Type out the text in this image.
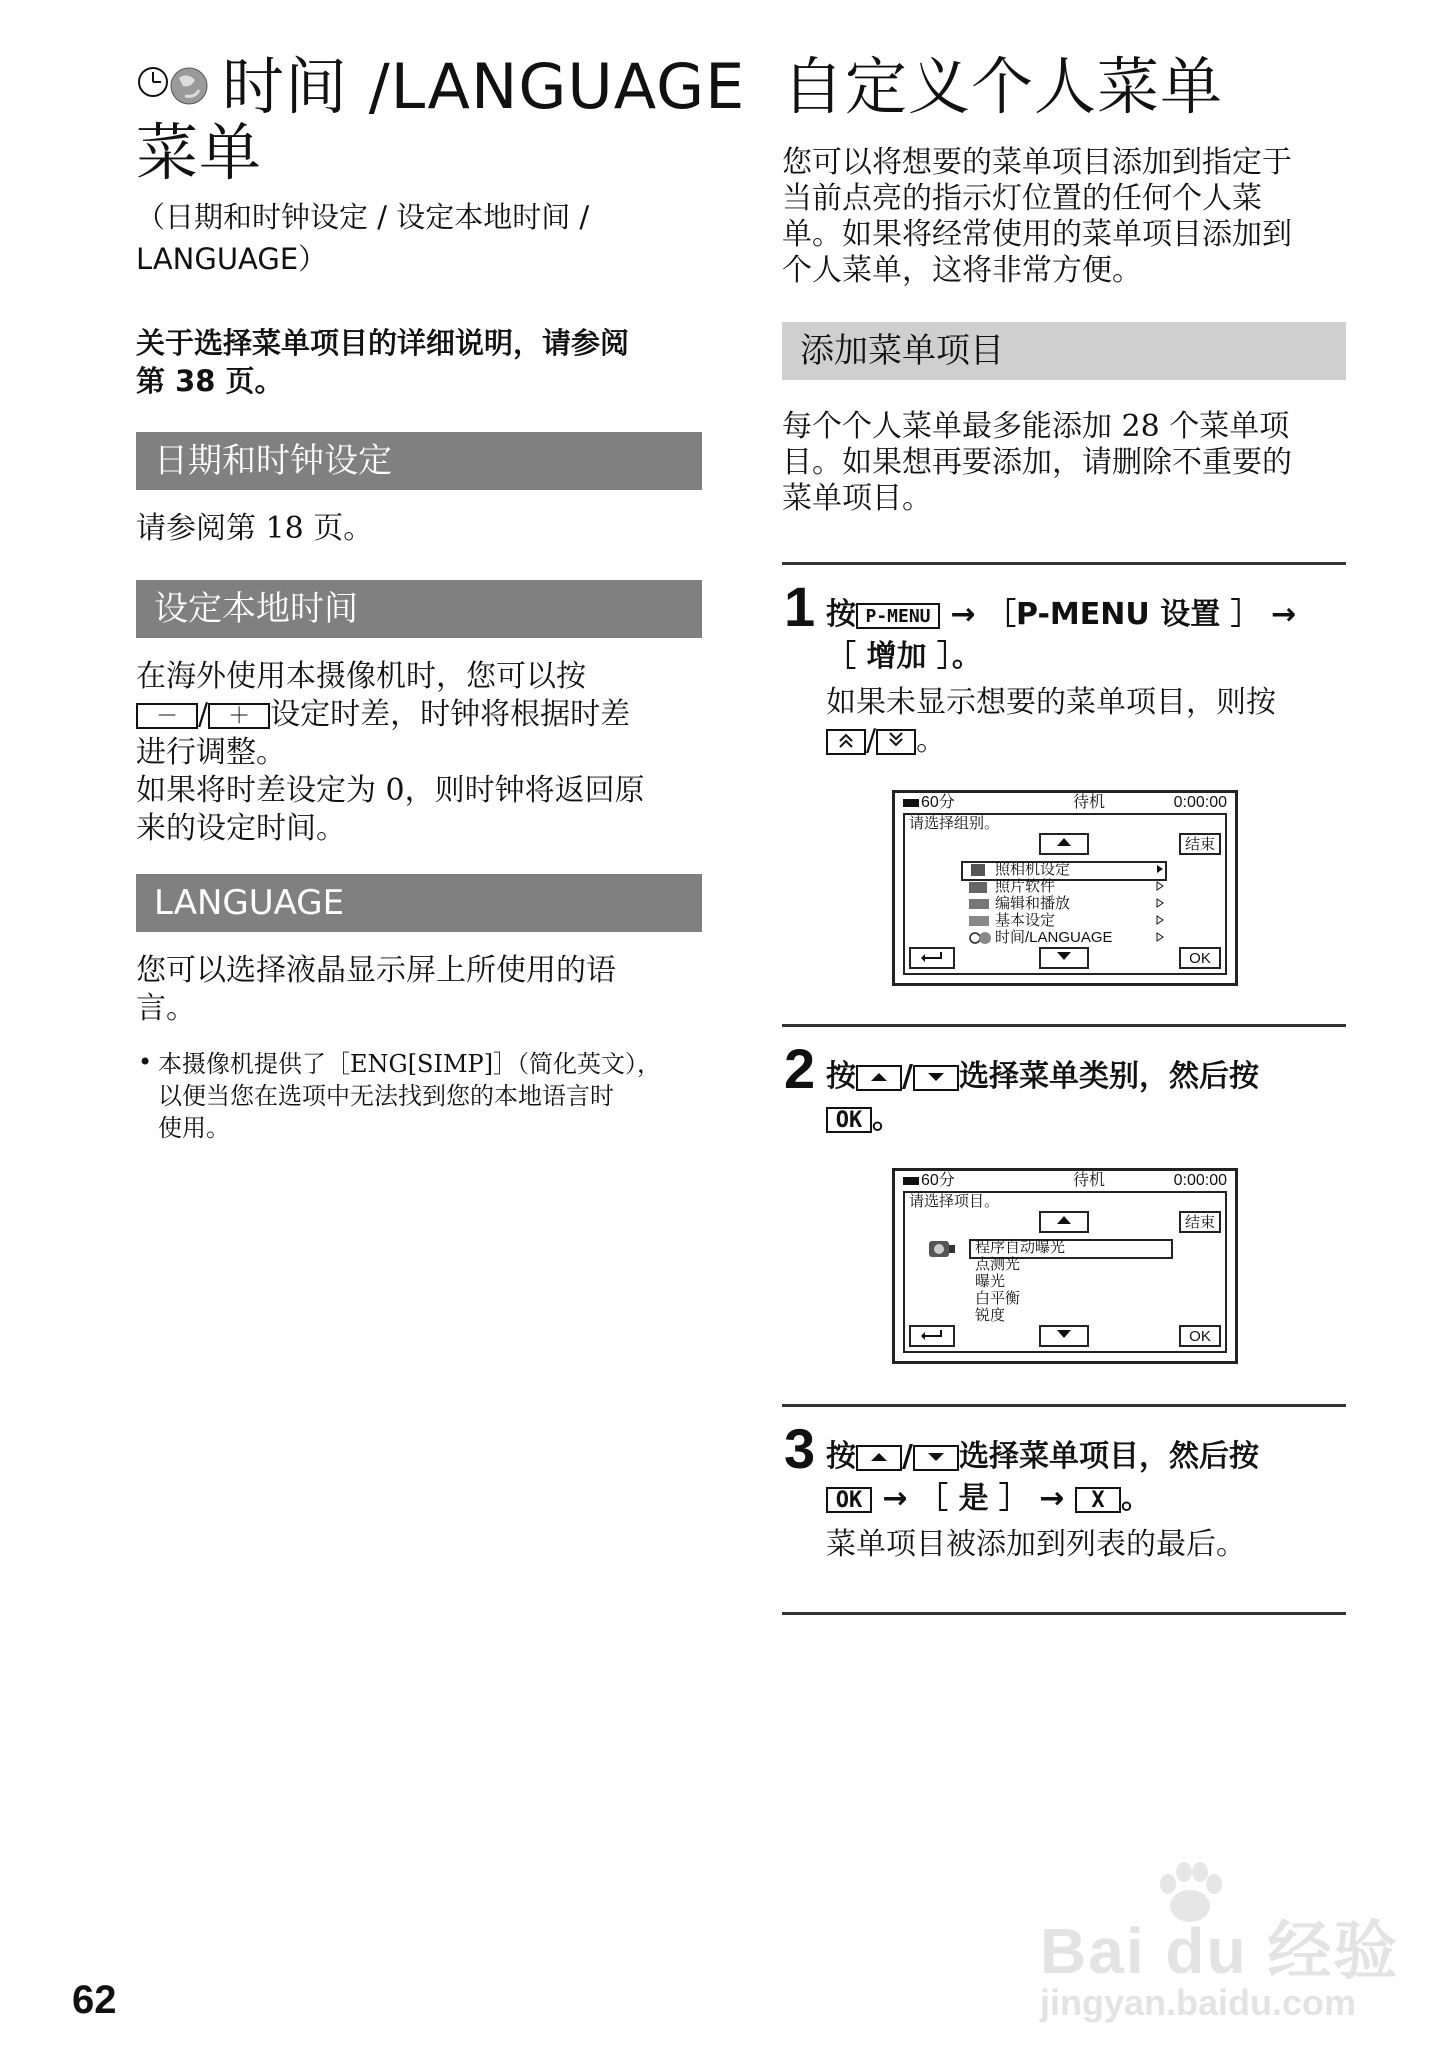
时间 /LANGUAGE
菜单
（日期和时钟设定 / 设定本地时间 /
LANGUAGE）
关于选择菜单项目的详细说明，请参阅
第 38 页。
日期和时钟设定
请参阅第 18 页。
设定本地时间
在海外使用本摄像机时，您可以按
－ / ＋ 设定时差，时钟将根据时差
进行调整。
如果将时差设定为 0，则时钟将返回原
来的设定时间。
LANGUAGE
您可以选择液晶显示屏上所使用的语
言。
• 本摄像机提供了［ENG[SIMP]］（简化英文），
以便当您在选项中无法找到您的本地语言时
使用。
自定义个人菜单
您可以将想要的菜单项目添加到指定于
当前点亮的指示灯位置的任何个人菜
单。如果将经常使用的菜单项目添加到
个人菜单，这将非常方便。
添加菜单项目
每个个人菜单最多能添加 28 个菜单项
目。如果想再要添加，请删除不重要的
菜单项目。
1 按 P-MENU → ［P-MENU 设置 ］ →
［ 增加 ］。
如果未显示想要的菜单项目，则按
/ 。
60分	待机	0:00:00
请选择组别。
结束
照相机设定
照片软件
编辑和播放
基本设定
时间/LANGUAGE
OK
2 按 / 选择菜单类别，然后按
OK 。
60分	待机	0:00:00
请选择项目。
结束
程序自动曝光
点测光
曝光
白平衡
锐度
OK
3 按 / 选择菜单项目，然后按
OK → ［ 是 ］ → X 。
菜单项目被添加到列表的最后。
62
Bai du 经验
jingyan.baidu.com
